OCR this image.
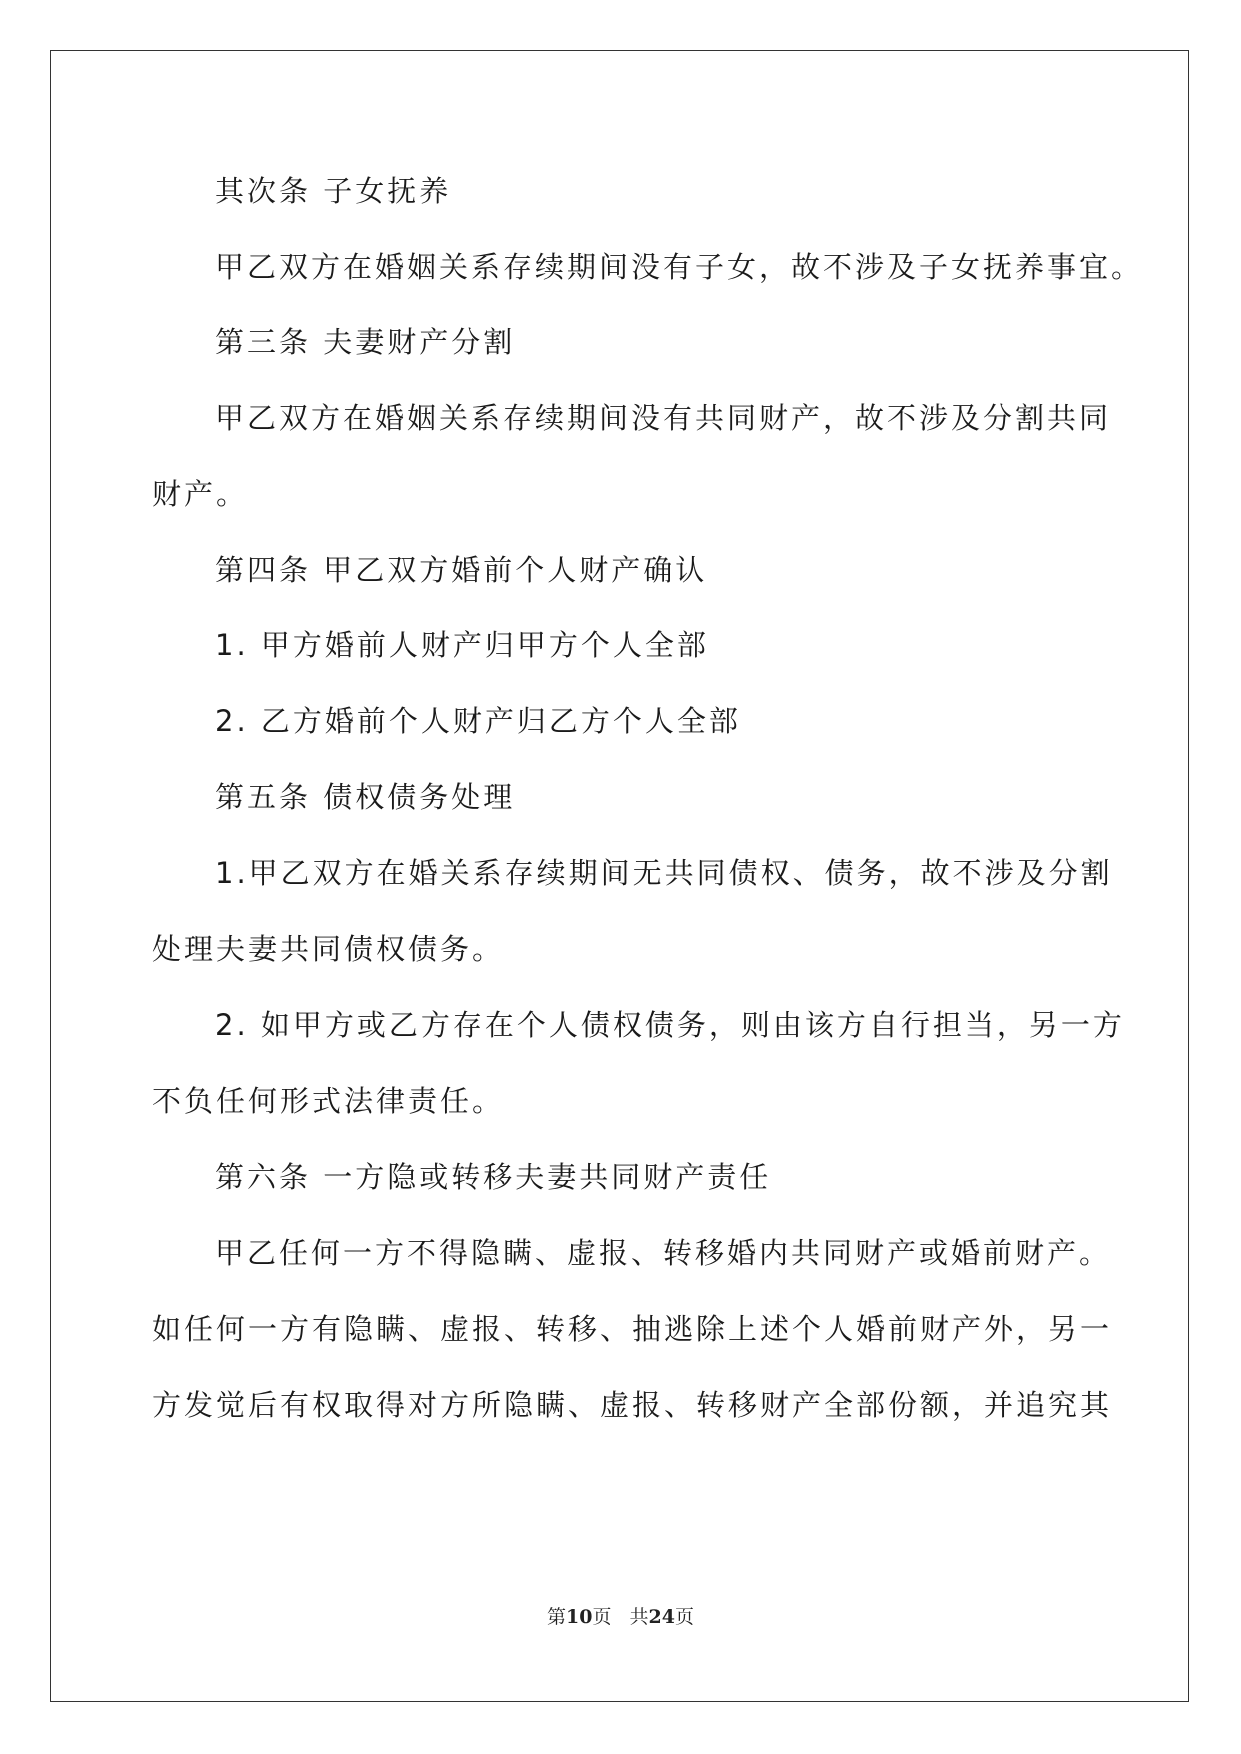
其次条 子女抚养
甲乙双方在婚姻关系存续期间没有子女，故不涉及子女抚养事宜。
第三条 夫妻财产分割
甲乙双方在婚姻关系存续期间没有共同财产，故不涉及分割共同
财产。
第四条 甲乙双方婚前个人财产确认
1. 甲方婚前人财产归甲方个人全部
2. 乙方婚前个人财产归乙方个人全部
第五条 债权债务处理
1.甲乙双方在婚关系存续期间无共同债权、债务，故不涉及分割
处理夫妻共同债权债务。
2. 如甲方或乙方存在个人债权债务，则由该方自行担当，另一方
不负任何形式法律责任。
第六条 一方隐或转移夫妻共同财产责任
甲乙任何一方不得隐瞒、虚报、转移婚内共同财产或婚前财产。
如任何一方有隐瞒、虚报、转移、抽逃除上述个人婚前财产外，另一
方发觉后有权取得对方所隐瞒、虚报、转移财产全部份额，并追究其
第10页 共24页
